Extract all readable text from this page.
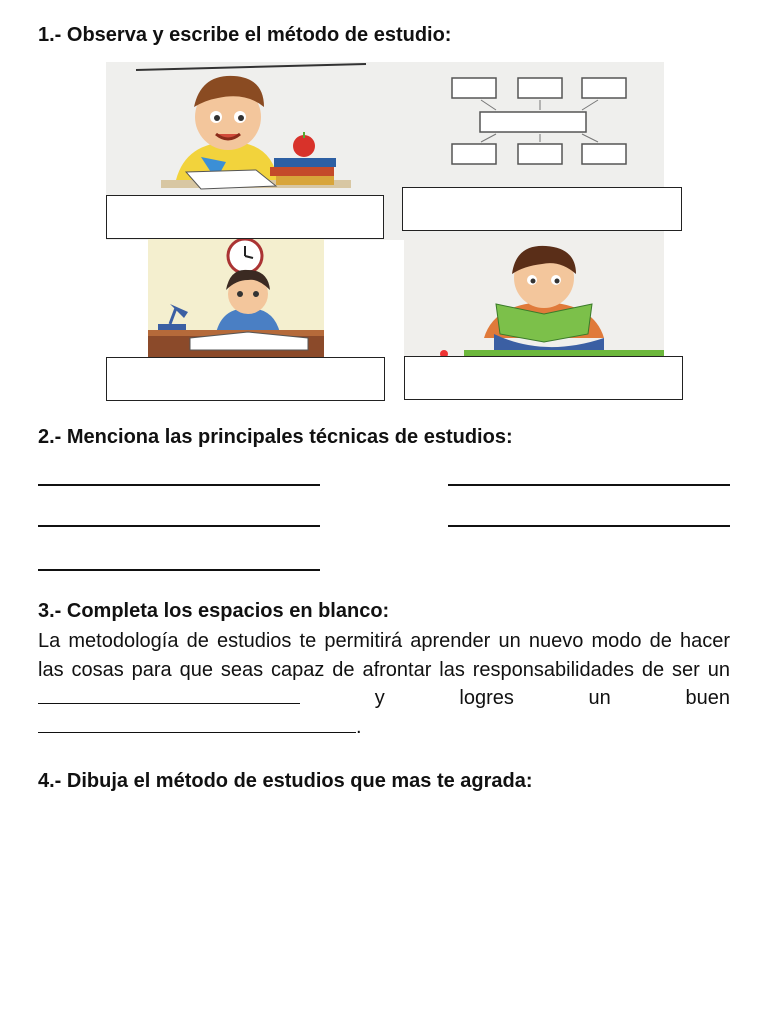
1.- Observa y escribe el método de estudio:
2.- Menciona las principales técnicas de estudios:
3.- Completa los espacios en blanco:
La metodología de estudios te permitirá aprender un nuevo modo de hacer las cosas para que seas capaz de afrontar las responsabilidades de ser un  y logres un	buen .
4.- Dibuja el método de estudios que mas te agrada:
